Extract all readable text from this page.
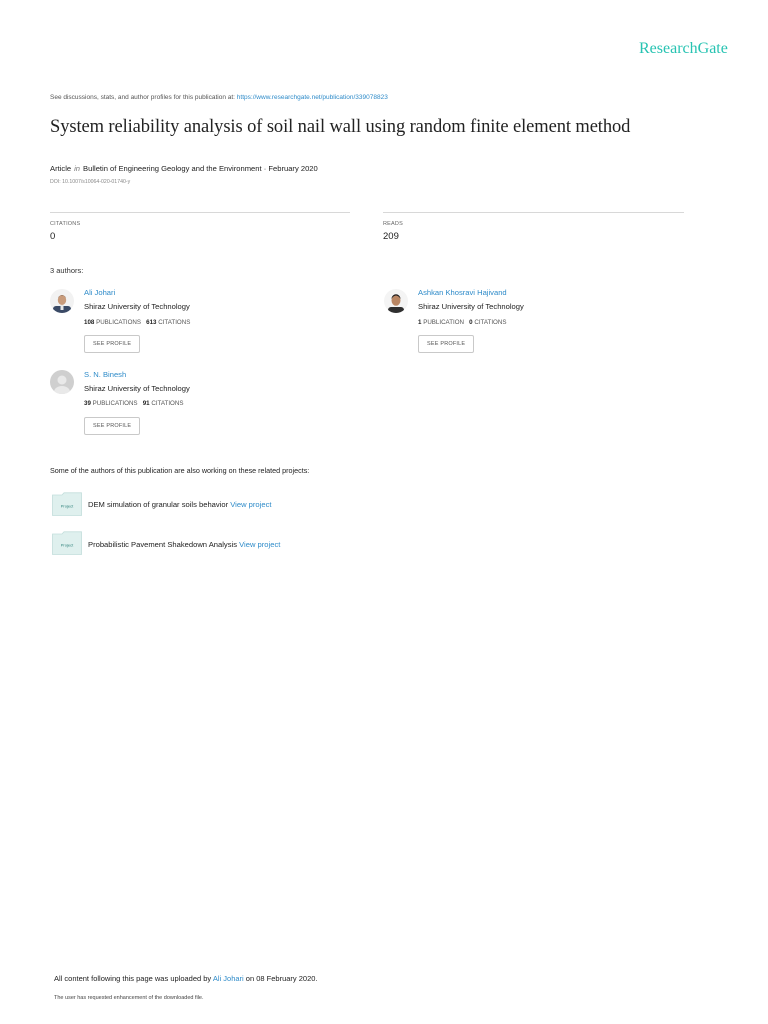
ResearchGate
See discussions, stats, and author profiles for this publication at: https://www.researchgate.net/publication/339078823
System reliability analysis of soil nail wall using random finite element method
Article in Bulletin of Engineering Geology and the Environment · February 2020
DOI: 10.1007/s10064-020-01740-y
CITATIONS
0
READS
209
3 authors:
Ali Johari
Shiraz University of Technology
108 PUBLICATIONS 613 CITATIONS
SEE PROFILE
Ashkan Khosravi Hajivand
Shiraz University of Technology
1 PUBLICATION 0 CITATIONS
SEE PROFILE
S. N. Binesh
Shiraz University of Technology
39 PUBLICATIONS 91 CITATIONS
SEE PROFILE
Some of the authors of this publication are also working on these related projects:
Project DEM simulation of granular soils behavior View project
Project Probabilistic Pavement Shakedown Analysis View project
All content following this page was uploaded by Ali Johari on 08 February 2020.
The user has requested enhancement of the downloaded file.
